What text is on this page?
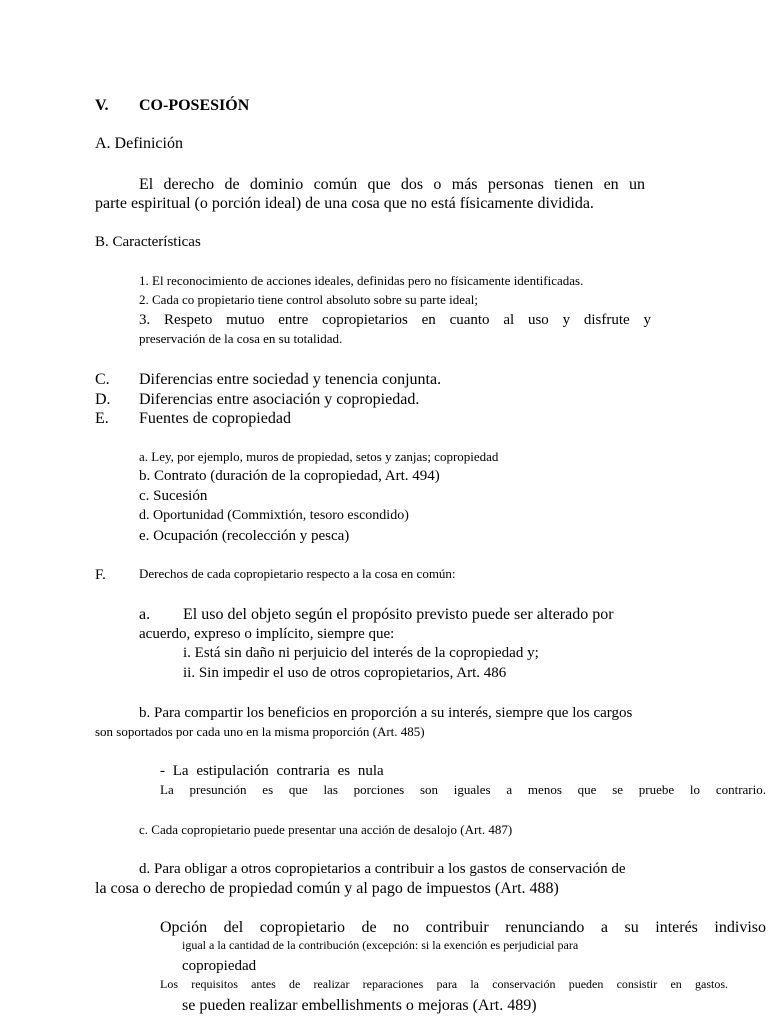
V. CO-POSESIÓN
A. Definición
El derecho de dominio común que dos o más personas tienen en un
parte espiritual (o porción ideal) de una cosa que no está físicamente dividida.
B. Características
1. El reconocimiento de acciones ideales, definidas pero no físicamente identificadas.
2. Cada co propietario tiene control absoluto sobre su parte ideal;
3. Respeto mutuo entre copropietarios en cuanto al uso y disfrute y
preservación de la cosa en su totalidad.
C. Diferencias entre sociedad y tenencia conjunta.
D. Diferencias entre asociación y copropiedad.
E. Fuentes de copropiedad
a. Ley, por ejemplo, muros de propiedad, setos y zanjas; copropiedad
b. Contrato (duración de la copropiedad, Art. 494)
c. Sucesión
d. Oportunidad (Commixtión, tesoro escondido)
e. Ocupación (recolección y pesca)
F.	Derechos de cada copropietario respecto a la cosa en común:
a. El uso del objeto según el propósito previsto puede ser alterado por
acuerdo, expreso o implícito, siempre que:
i. Está sin daño ni perjuicio del interés de la copropiedad y;
ii. Sin impedir el uso de otros copropietarios, Art. 486
b. Para compartir los beneficios en proporción a su interés, siempre que los cargos
son soportados por cada uno en la misma proporción (Art. 485)
- La estipulación contraria es nula
La presunción es que las porciones son iguales a menos que se pruebe lo contrario.
c. Cada copropietario puede presentar una acción de desalojo (Art. 487)
d. Para obligar a otros copropietarios a contribuir a los gastos de conservación de
la cosa o derecho de propiedad común y al pago de impuestos (Art. 488)
Opción del copropietario de no contribuir renunciando a su interés indiviso
igual a la cantidad de la contribución (excepción: si la exención es perjudicial para
copropiedad
Los requisitos antes de realizar reparaciones para la conservación pueden consistir en gastos.
se pueden realizar embellishments o mejoras (Art. 489)
